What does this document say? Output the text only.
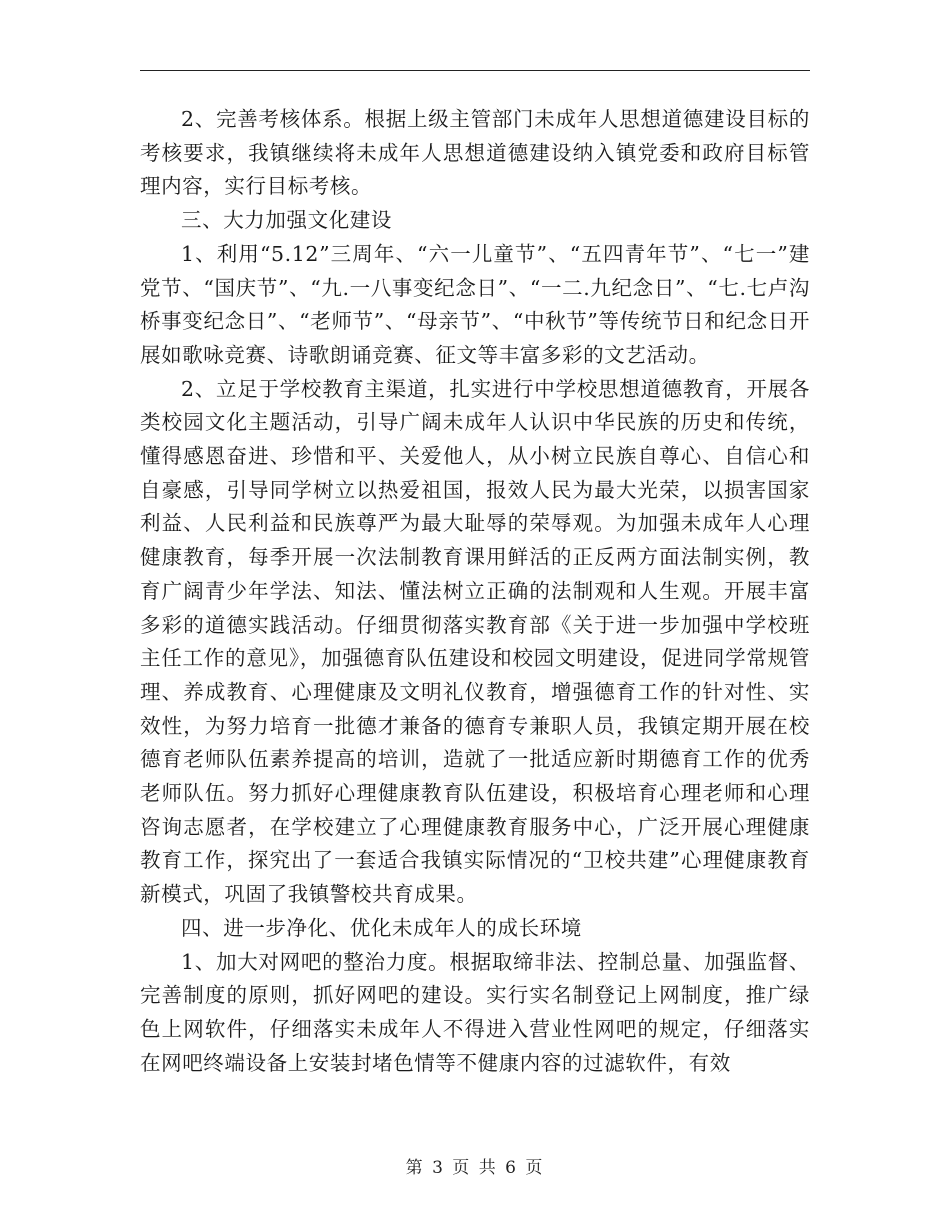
2、完善考核体系。根据上级主管部门未成年人思想道德建设目标的考核要求，我镇继续将未成年人思想道德建设纳入镇党委和政府目标管理内容，实行目标考核。

三、大力加强文化建设

1、利用“5.12”三周年、“六一儿童节”、“五四青年节”、“七一”建党节、“国庆节”、“九.一八事变纪念日”、“一二.九纪念日”、“七.七卢沟桥事变纪念日”、“老师节”、“母亲节”、“中秋节”等传统节日和纪念日开展如歌咏竞赛、诗歌朗诵竞赛、征文等丰富多彩的文艺活动。

2、立足于学校教育主渠道，扎实进行中学校思想道德教育，开展各类校园文化主题活动，引导广阔未成年人认识中华民族的历史和传统，懂得感恩奋进、珍惜和平、关爱他人，从小树立民族自尊心、自信心和自豪感，引导同学树立以热爱祖国，报效人民为最大光荣，以损害国家利益、人民利益和民族尊严为最大耻辱的荣辱观。为加强未成年人心理健康教育，每季开展一次法制教育课用鲜活的正反两方面法制实例，教育广阔青少年学法、知法、懂法树立正确的法制观和人生观。开展丰富多彩的道德实践活动。仔细贯彻落实教育部《关于进一步加强中学校班主任工作的意见》，加强德育队伍建设和校园文明建设，促进同学常规管理、养成教育、心理健康及文明礼仪教育，增强德育工作的针对性、实效性，为努力培育一批德才兼备的德育专兼职人员，我镇定期开展在校德育老师队伍素养提高的培训，造就了一批适应新时期德育工作的优秀老师队伍。努力抓好心理健康教育队伍建设，积极培育心理老师和心理咨询志愿者，在学校建立了心理健康教育服务中心，广泛开展心理健康教育工作，探究出了一套适合我镇实际情况的“卫校共建”心理健康教育新模式，巩固了我镇警校共育成果。

四、进一步净化、优化未成年人的成长环境

1、加大对网吧的整治力度。根据取缔非法、控制总量、加强监督、完善制度的原则，抓好网吧的建设。实行实名制登记上网制度，推广绿色上网软件，仔细落实未成年人不得进入营业性网吧的规定，仔细落实在网吧终端设备上安装封堵色情等不健康内容的过滤软件，有效

第 3 页 共 6 页
